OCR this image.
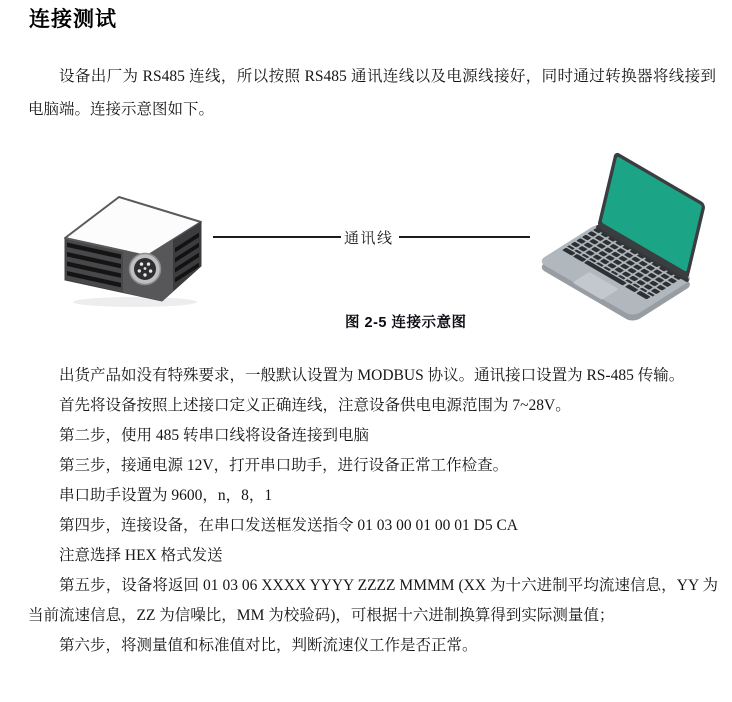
连接测试

设备出厂为 RS485 连线，所以按照 RS485 通讯连线以及电源线接好，同时通过转换器将线接到电脑端。连接示意图如下。

通讯线

图 2-5 连接示意图

出货产品如没有特殊要求，一般默认设置为 MODBUS 协议。通讯接口设置为 RS-485 传输。

首先将设备按照上述接口定义正确连线，注意设备供电电源范围为 7~28V。

第二步，使用 485 转串口线将设备连接到电脑

第三步，接通电源 12V，打开串口助手，进行设备正常工作检查。

串口助手设置为 9600，n，8，1

第四步，连接设备，在串口发送框发送指令 01 03 00 01 00 01 D5 CA

注意选择 HEX 格式发送

第五步，设备将返回 01 03 06 XXXX YYYY ZZZZ MMMM (XX 为十六进制平均流速信息，YY 为当前流速信息，ZZ 为信噪比，MM 为校验码)，可根据十六进制换算得到实际测量值；

第六步，将测量值和标准值对比，判断流速仪工作是否正常。
